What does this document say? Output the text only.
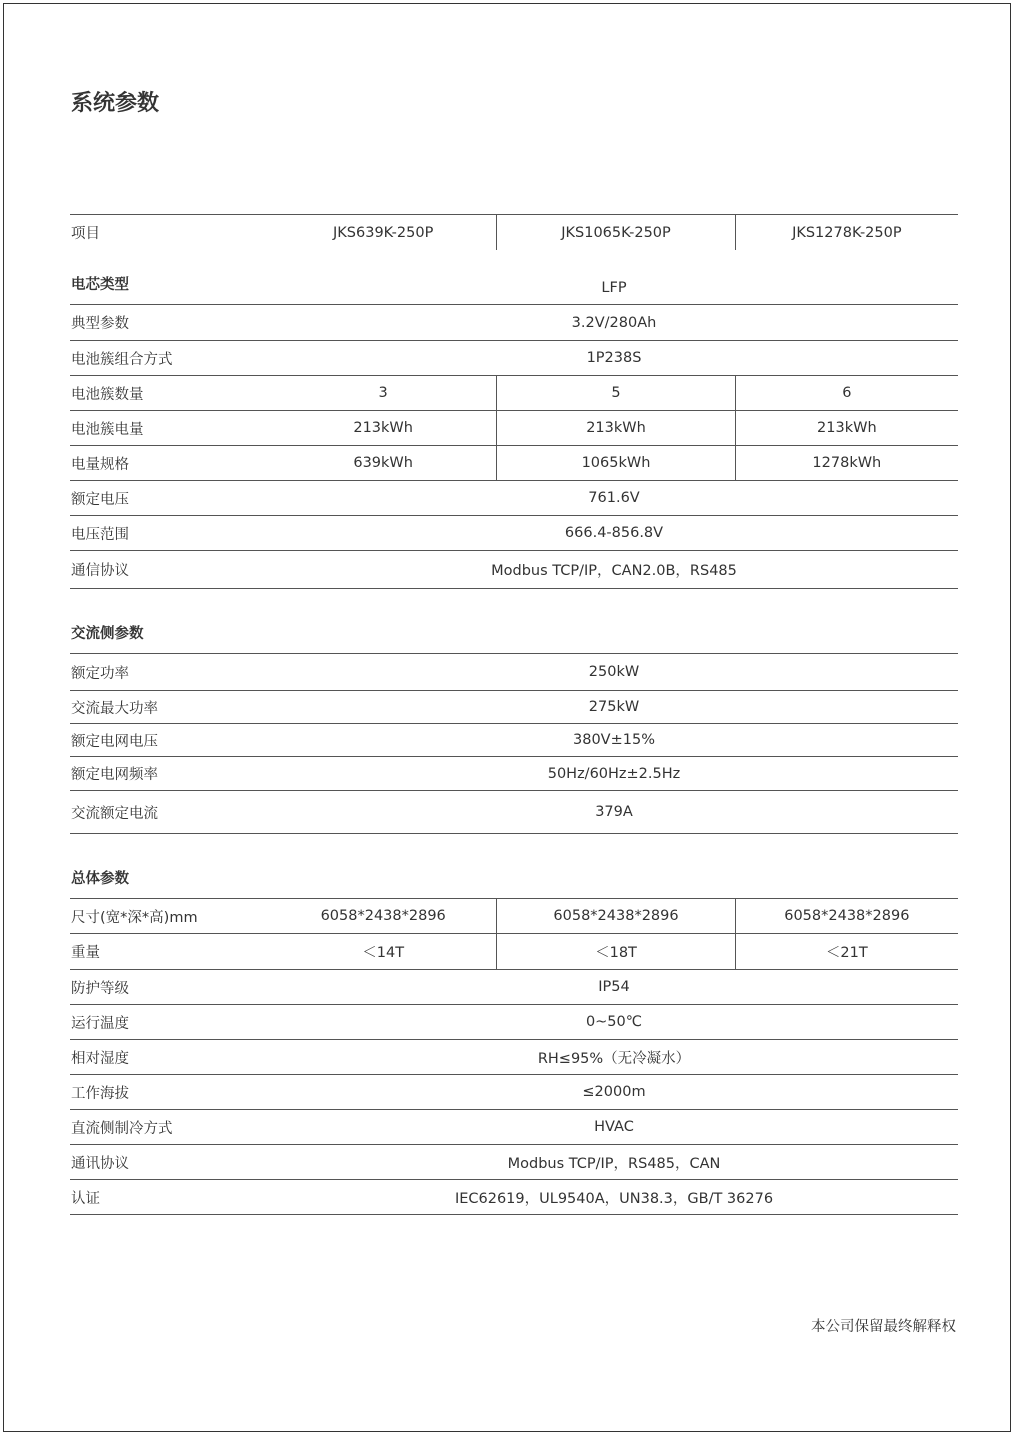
系统参数
项目	JKS639K-250P	JKS1065K-250P	JKS1278K-250P
电芯类型	LFP
典型参数	3.2V/280Ah
电池簇组合方式	1P238S
电池簇数量	3	5	6
电池簇电量	213kWh	213kWh	213kWh
电量规格	639kWh	1065kWh	1278kWh
额定电压	761.6V
电压范围	666.4-856.8V
通信协议	Modbus TCP/IP，CAN2.0B，RS485
交流侧参数
额定功率	250kW
交流最大功率	275kW
额定电网电压	380V±15%
额定电网频率	50Hz/60Hz±2.5Hz
交流额定电流	379A
总体参数
尺寸(宽*深*高)mm	6058*2438*2896	6058*2438*2896	6058*2438*2896
重量	＜14T	＜18T	＜21T
防护等级	IP54
运行温度	0~50℃
相对湿度	RH≤95%（无冷凝水）
工作海拔	≤2000m
直流侧制冷方式	HVAC
通讯协议	Modbus TCP/IP，RS485，CAN
认证	IEC62619，UL9540A，UN38.3，GB/T 36276
本公司保留最终解释权
